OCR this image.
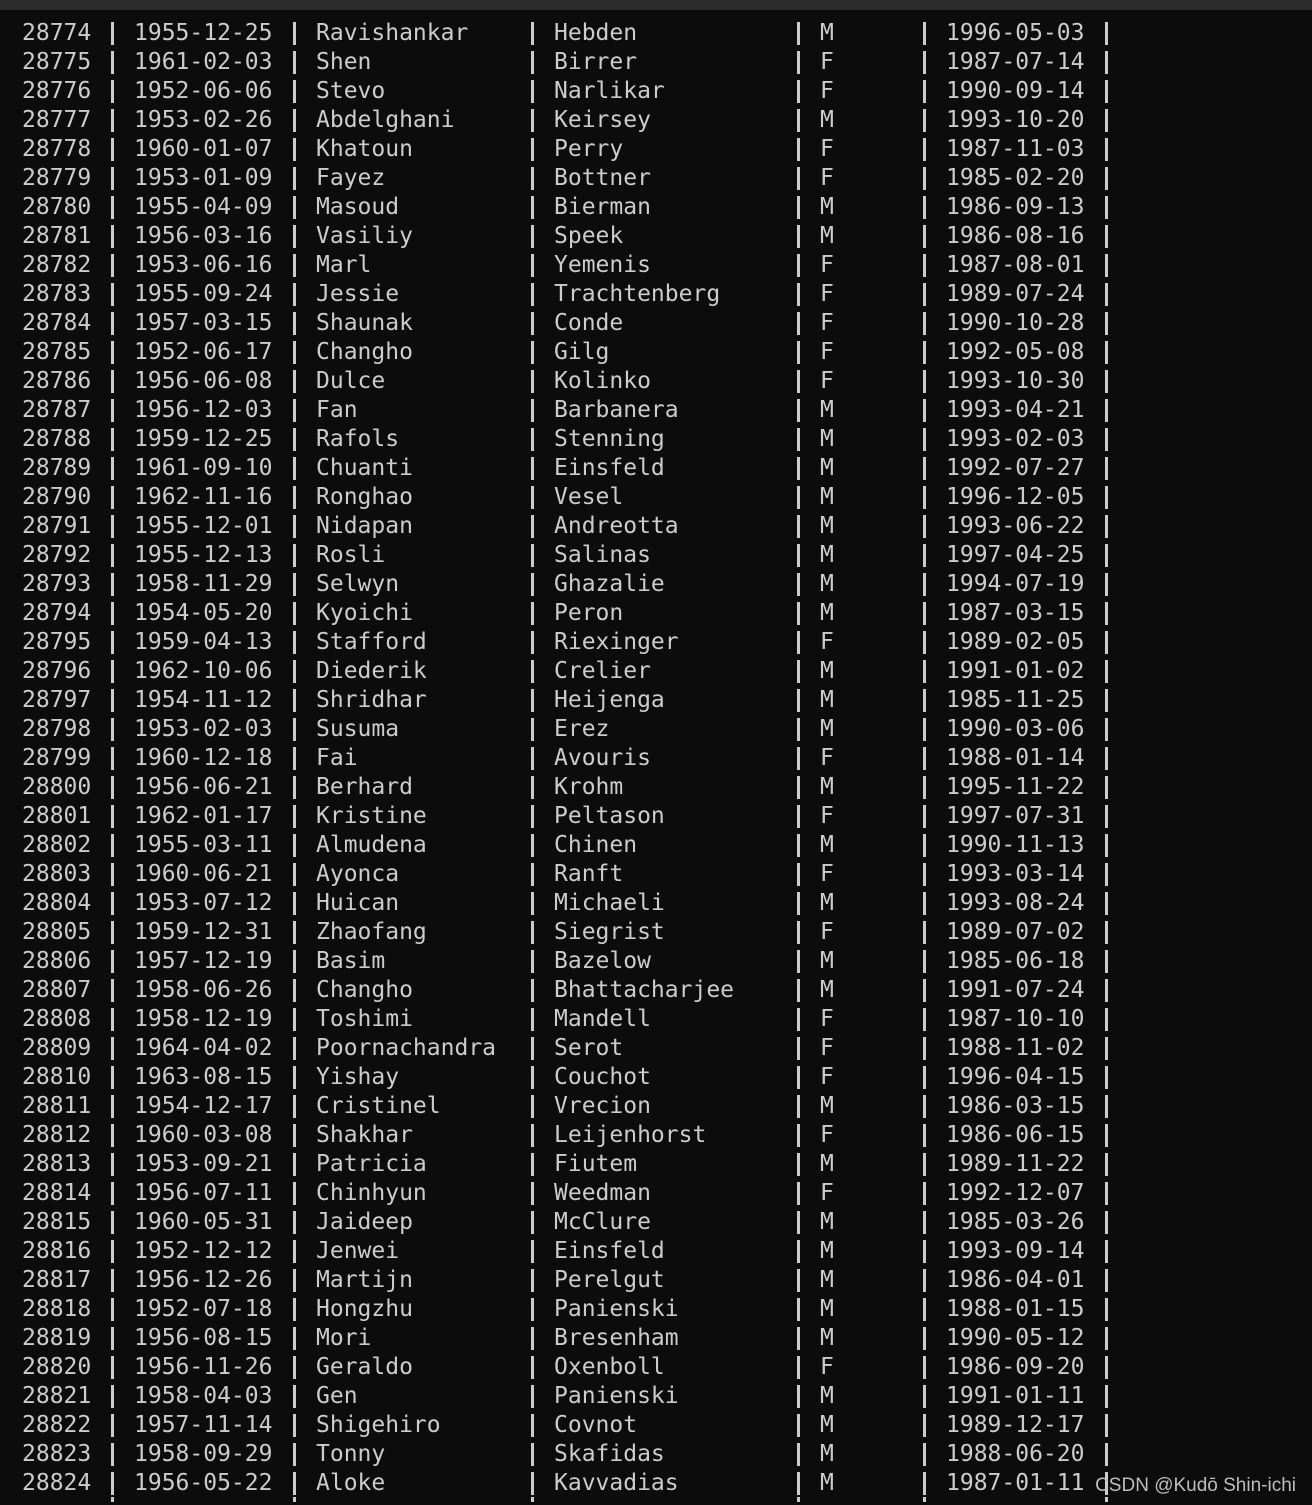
28774 1955-12-25 Ravishankar	Hebden	M	1996-05-03
28775 1961-02-03 Shen	Birrer	F	1987-07-14
28776 1952-06-06 Stevo	Narlikar	F	1990-09-14
28777 1953-02-26 Abdelghani	Keirsey	M	1993-10-20
28778 1960-01-07 Khatoun	Perry	F	1987-11-03
28779 1953-01-09 Fayez	Bottner	F	1985-02-20
28780 1955-04-09 Masoud	Bierman	M	1986-09-13
28781 1956-03-16 Vasiliy	Speek	M	1986-08-16
28782 1953-06-16 Marl	Yemenis	F	1987-08-01
28783 1955-09-24 Jessie	Trachtenberg	F	1989-07-24
28784 1957-03-15 Shaunak	Conde	F	1990-10-28
28785 1952-06-17 Changho	Gilg	F	1992-05-08
28786 1956-06-08 Dulce	Kolinko	F	1993-10-30
28787 1956-12-03 Fan	Barbanera	M	1993-04-21
28788 1959-12-25 Rafols	Stenning	M	1993-02-03
28789 1961-09-10 Chuanti	Einsfeld	M	1992-07-27
28790 1962-11-16 Ronghao	Vesel	M	1996-12-05
28791 1955-12-01 Nidapan	Andreotta	M	1993-06-22
28792 1955-12-13 Rosli	Salinas	M	1997-04-25
28793 1958-11-29 Selwyn	Ghazalie	M	1994-07-19
28794 1954-05-20 Kyoichi	Peron	M	1987-03-15
28795 1959-04-13 Stafford	Riexinger	F	1989-02-05
28796 1962-10-06 Diederik	Crelier	M	1991-01-02
28797 1954-11-12 Shridhar	Heijenga	M	1985-11-25
28798 1953-02-03 Susuma	Erez	M	1990-03-06
28799 1960-12-18 Fai	Avouris	F	1988-01-14
28800 1956-06-21 Berhard	Krohm	M	1995-11-22
28801 1962-01-17 Kristine	Peltason	F	1997-07-31
28802 1955-03-11 Almudena	Chinen	M	1990-11-13
28803 1960-06-21 Ayonca	Ranft	F	1993-03-14
28804 1953-07-12 Huican	Michaeli	M	1993-08-24
28805 1959-12-31 Zhaofang	Siegrist	F	1989-07-02
28806 1957-12-19 Basim	Bazelow	M	1985-06-18
28807 1958-06-26 Changho	Bhattacharjee	M	1991-07-24
28808 1958-12-19 Toshimi	Mandell	F	1987-10-10
28809 1964-04-02 Poornachandra	Serot	F	1988-11-02
28810 1963-08-15 Yishay	Couchot	F	1996-04-15
28811 1954-12-17 Cristinel	Vrecion	M	1986-03-15
28812 1960-03-08 Shakhar	Leijenhorst	F	1986-06-15
28813 1953-09-21 Patricia	Fiutem	M	1989-11-22
28814 1956-07-11 Chinhyun	Weedman	F	1992-12-07
28815 1960-05-31 Jaideep	McClure	M	1985-03-26
28816 1952-12-12 Jenwei	Einsfeld	M	1993-09-14
28817 1956-12-26 Martijn	Perelgut	M	1986-04-01
28818 1952-07-18 Hongzhu	Panienski	M	1988-01-15
28819 1956-08-15 Mori	Bresenham	M	1990-05-12
28820 1956-11-26 Geraldo	Oxenboll	F	1986-09-20
28821 1958-04-03 Gen	Panienski	M	1991-01-11
28822 1957-11-14 Shigehiro	Covnot	M	1989-12-17
28823 1958-09-29 Tonny	Skafidas	M	1988-06-20
28824 1956-05-22 Aloke	Kavvadias	M	1987-01-11 CSDN @Kudō Shin-ichi
